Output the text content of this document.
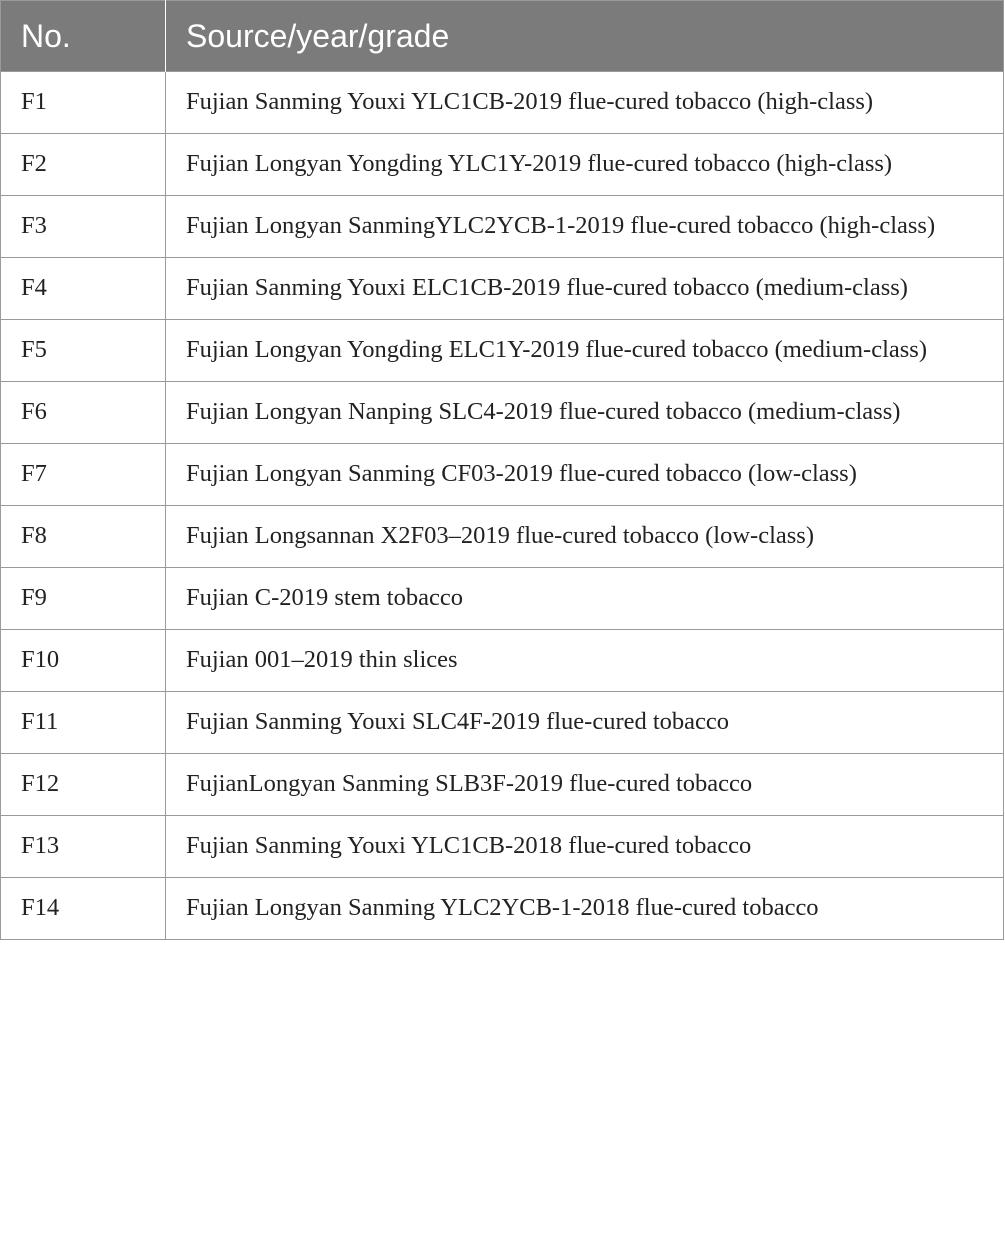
No.	Source/year/grade
F1	Fujian Sanming Youxi YLC1CB-2019 flue-cured tobacco (high-class)
F2	Fujian Longyan Yongding YLC1Y-2019 flue-cured tobacco (high-class)
F3	Fujian Longyan SanmingYLC2YCB-1-2019 flue-cured tobacco (high-class)
F4	Fujian Sanming Youxi ELC1CB-2019 flue-cured tobacco (medium-class)
F5	Fujian Longyan Yongding ELC1Y-2019 flue-cured tobacco (medium-class)
F6	Fujian Longyan Nanping SLC4-2019 flue-cured tobacco (medium-class)
F7	Fujian Longyan Sanming CF03-2019 flue-cured tobacco (low-class)
F8	Fujian Longsannan X2F03–2019 flue-cured tobacco (low-class)
F9	Fujian C-2019 stem tobacco
F10	Fujian 001–2019 thin slices
F11	Fujian Sanming Youxi SLC4F-2019 flue-cured tobacco
F12	FujianLongyan Sanming SLB3F-2019 flue-cured tobacco
F13	Fujian Sanming Youxi YLC1CB-2018 flue-cured tobacco
F14	Fujian Longyan Sanming YLC2YCB-1-2018 flue-cured tobacco
